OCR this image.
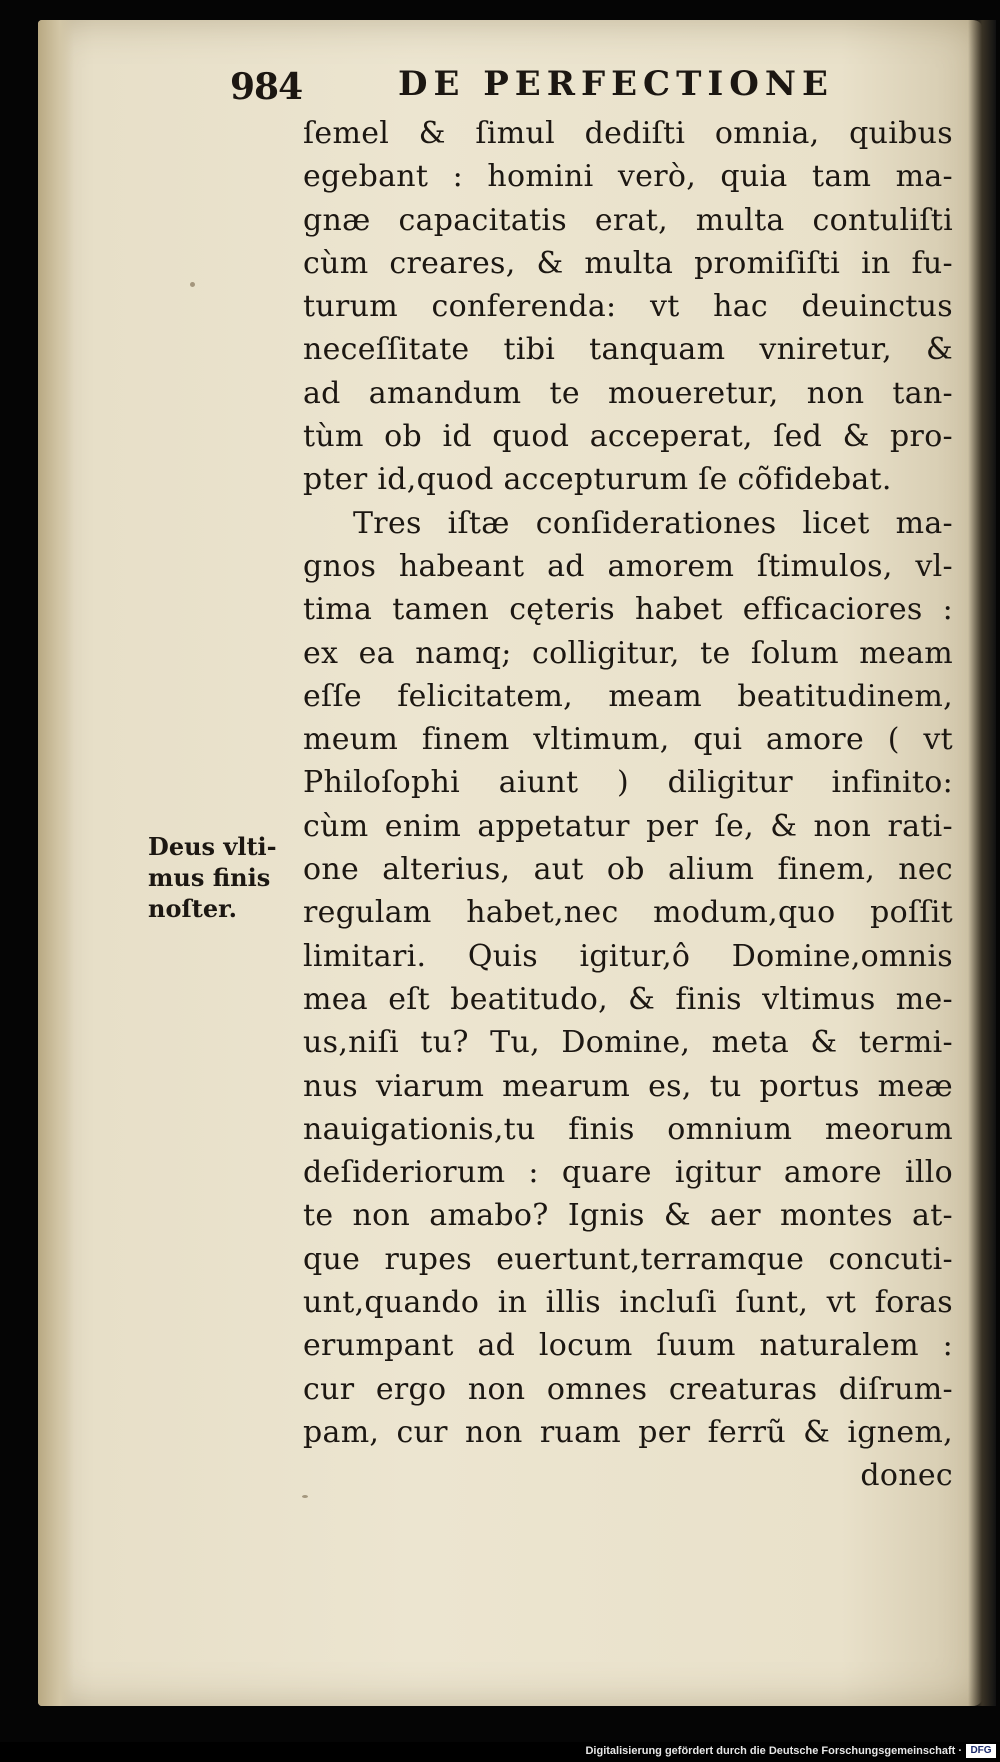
984	DE PERFECTIONE
ſemel & ſimul dediſti omnia, quibus
egebant : homini verò, quia tam ma-
gnæ capacitatis erat, multa contuliſti
cùm creares, & multa promiſiſti in fu-
turum conferenda: vt hac deuinctus
neceſſitate tibi tanquam vniretur, &
ad amandum te moueretur, non tan-
tùm ob id quod acceperat, ſed & pro-
pter id,quod accepturum ſe cõfidebat.
Tres iſtæ conſiderationes licet ma-
gnos habeant ad amorem ſtimulos, vl-
tima tamen cęteris habet efficaciores :
ex ea namq; colligitur, te ſolum meam
eſſe felicitatem, meam beatitudinem,
meum finem vltimum, qui amore ( vt
Philoſophi aiunt ) diligitur infinito:
cùm enim appetatur per ſe, & non rati-
one alterius, aut ob alium finem, nec
regulam habet,nec modum,quo poſſit
limitari. Quis igitur,ô Domine,omnis
mea eſt beatitudo, & finis vltimus me-
us,niſi tu? Tu, Domine, meta & termi-
nus viarum mearum es, tu portus meæ
nauigationis,tu finis omnium meorum
deſideriorum : quare igitur amore illo
te non amabo? Ignis & aer montes at-
que rupes euertunt,terramque concuti-
unt,quando in illis incluſi ſunt, vt foras
erumpant ad locum ſuum naturalem :
cur ergo non omnes creaturas diſrum-
pam, cur non ruam per ferrũ & ignem,
donec
Deus vlti-
mus finis
noſter.
Digitalisierung gefördert durch die Deutsche Forschungsgemeinschaft · DFG
